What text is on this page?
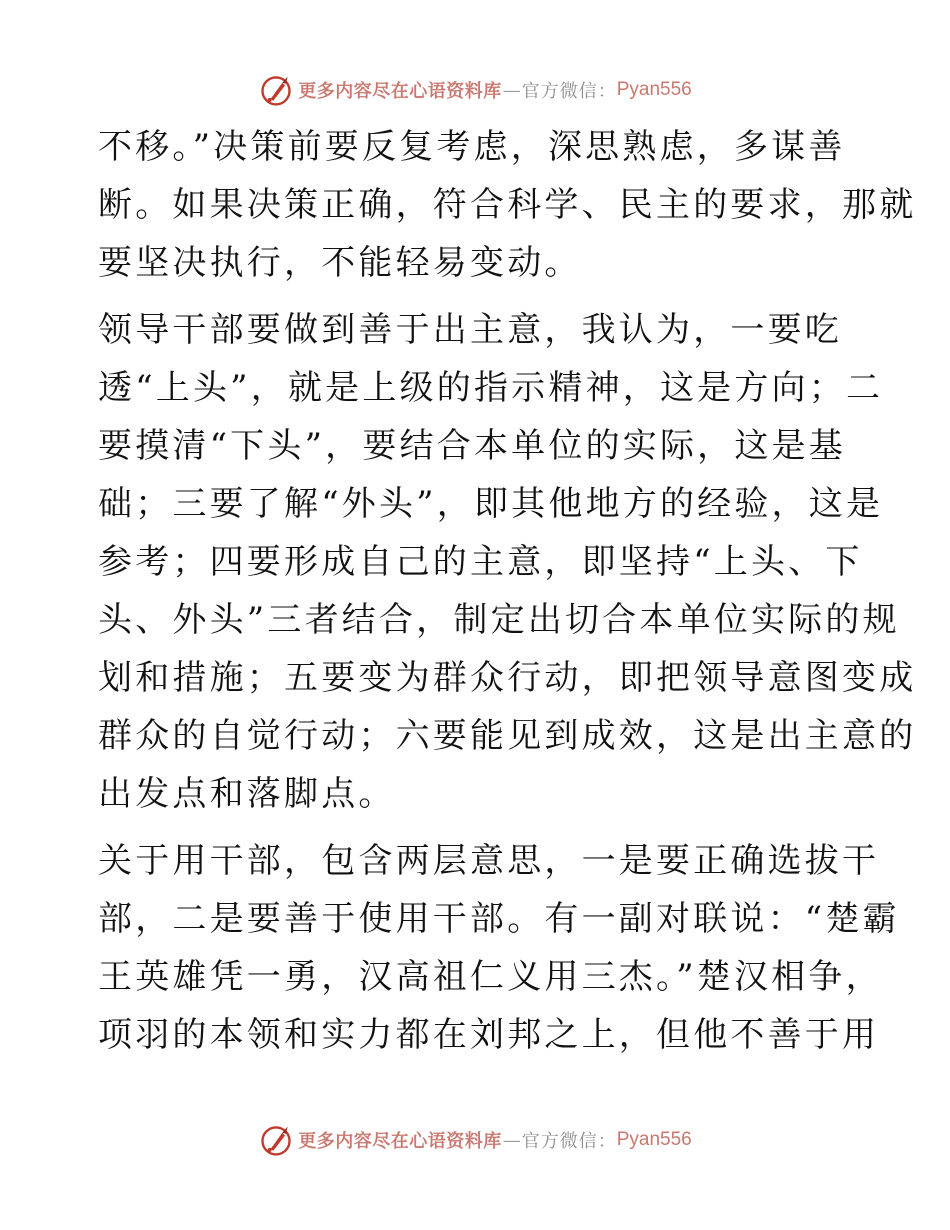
更多内容尽在心语资料库 — 官方微信： Pyan556

不移。”决策前要反复考虑，深思熟虑，多谋善
断。如果决策正确，符合科学、民主的要求，那就
要坚决执行，不能轻易变动。

领导干部要做到善于出主意，我认为，一要吃
透“上头”，就是上级的指示精神，这是方向；二
要摸清“下头”，要结合本单位的实际，这是基
础；三要了解“外头”，即其他地方的经验，这是
参考；四要形成自己的主意，即坚持“上头、下
头、外头”三者结合，制定出切合本单位实际的规
划和措施；五要变为群众行动，即把领导意图变成
群众的自觉行动；六要能见到成效，这是出主意的
出发点和落脚点。

关于用干部，包含两层意思，一是要正确选拔干
部，二是要善于使用干部。有一副对联说：“楚霸
王英雄凭一勇，汉高祖仁义用三杰。”楚汉相争，
项羽的本领和实力都在刘邦之上，但他不善于用

更多内容尽在心语资料库 — 官方微信： Pyan556
